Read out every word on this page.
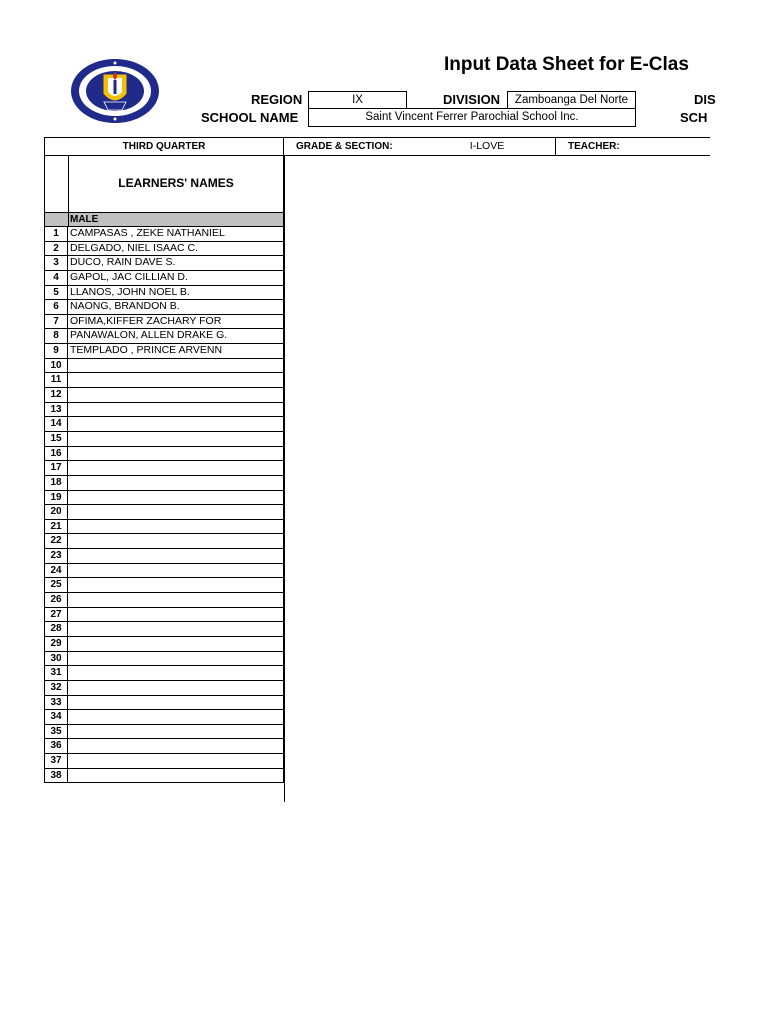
Input Data Sheet for E-Clas
REGION	IX	DIVISION	Zamboanga Del Norte	DIS
SCHOOL NAME	Saint Vincent Ferrer Parochial School Inc.	SCH
THIRD QUARTER	GRADE & SECTION:	I-LOVE	TEACHER:
LEARNERS' NAMES
MALE
1	CAMPASAS , ZEKE NATHANIEL
2	DELGADO, NIEL ISAAC C.
3	DUCO, RAIN DAVE S.
4	GAPOL, JAC CILLIAN D.
5	LLANOS, JOHN NOEL B.
6	NAONG, BRANDON B.
7	OFIMA,KIFFER ZACHARY FOR
8	PANAWALON, ALLEN DRAKE G.
9	TEMPLADO , PRINCE ARVENN
10
11
12
13
14
15
16
17
18
19
20
21
22
23
24
25
26
27
28
29
30
31
32
33
34
35
36
37
38
